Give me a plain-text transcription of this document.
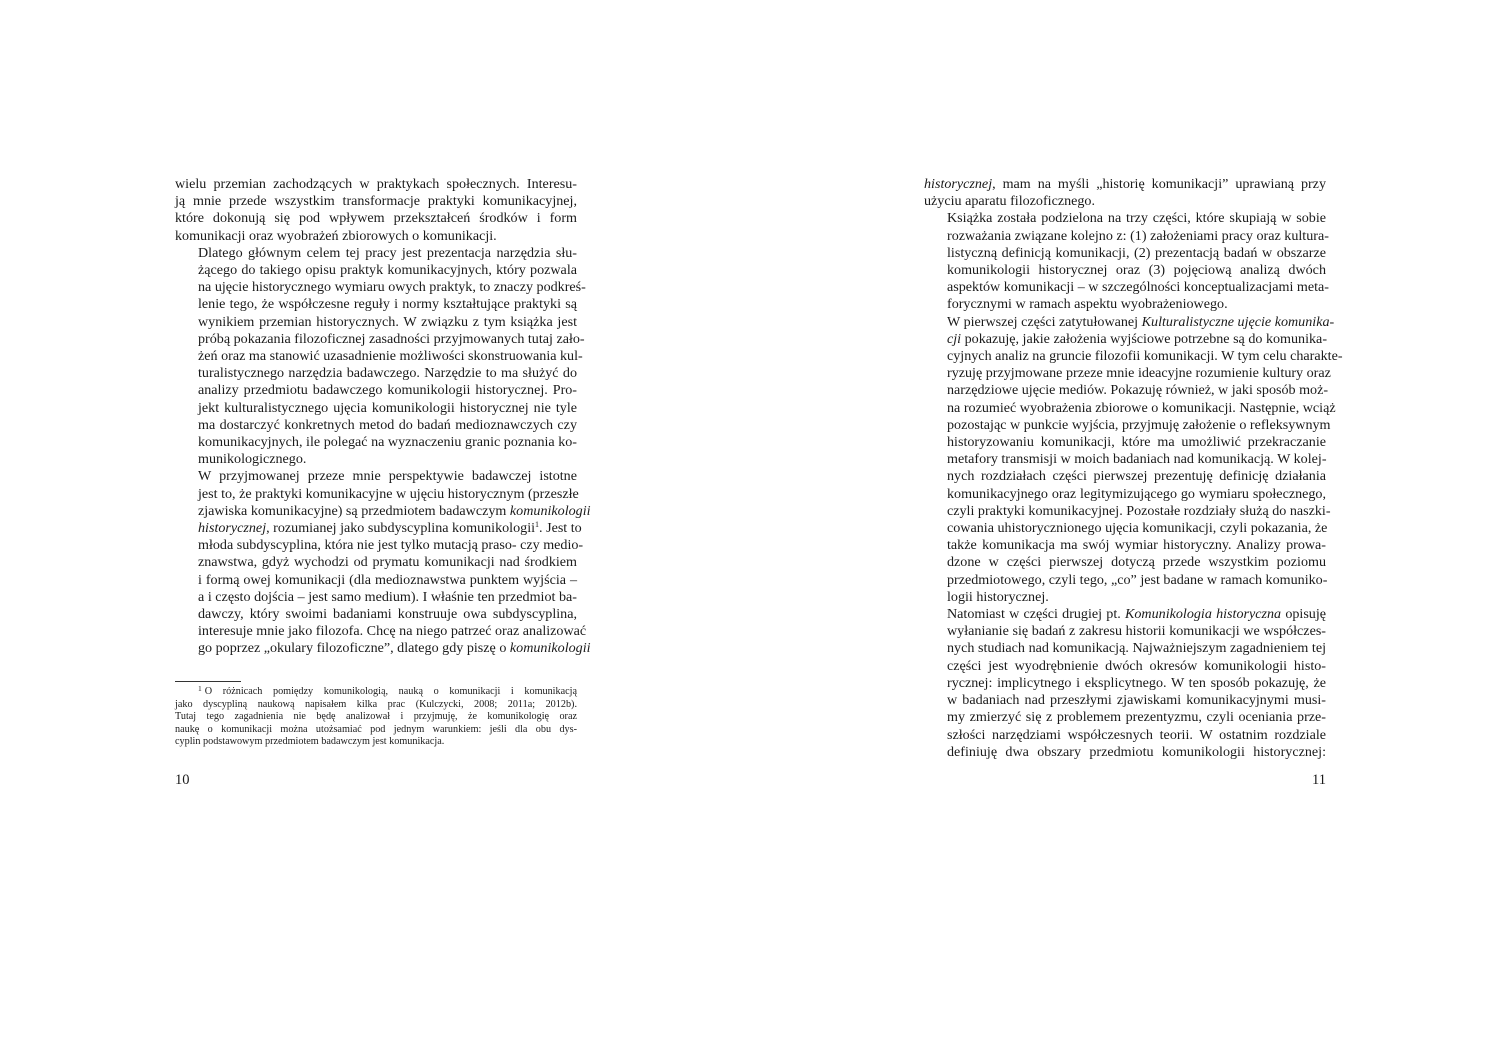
wielu przemian zachodzących w praktykach społecznych. Interesu-
ją mnie przede wszystkim transformacje praktyki komunikacyjnej,
które dokonują się pod wpływem przekształceń środków i form
komunikacji oraz wyobrażeń zbiorowych o komunikacji.

Dlatego głównym celem tej pracy jest prezentacja narzędzia słu-
żącego do takiego opisu praktyk komunikacyjnych, który pozwala
na ujęcie historycznego wymiaru owych praktyk, to znaczy podkreś-
lenie tego, że współczesne reguły i normy kształtujące praktyki są
wynikiem przemian historycznych. W związku z tym książka jest
próbą pokazania filozoficznej zasadności przyjmowanych tutaj zało-
żeń oraz ma stanowić uzasadnienie możliwości skonstruowania kul-
turalistycznego narzędzia badawczego. Narzędzie to ma służyć do
analizy przedmiotu badawczego komunikologii historycznej. Pro-
jekt kulturalistycznego ujęcia komunikologii historycznej nie tyle
ma dostarczyć konkretnych metod do badań medioznawczych czy
komunikacyjnych, ile polegać na wyznaczeniu granic poznania ko-
munikologicznego.

W przyjmowanej przeze mnie perspektywie badawczej istotne
jest to, że praktyki komunikacyjne w ujęciu historycznym (przeszłe
zjawiska komunikacyjne) są przedmiotem badawczym komunikologii
historycznej, rozumianej jako subdyscyplina komunikologii$^1$. Jest to
młoda subdyscyplina, która nie jest tylko mutacją praso- czy medio-
znawstwa, gdyż wychodzi od prymatu komunikacji nad środkiem
i formą owej komunikacji (dla medioznawstwa punktem wyjścia –
a i często dojścia – jest samo medium). I właśnie ten przedmiot ba-
dawczy, który swoimi badaniami konstruuje owa subdyscyplina,
interesuje mnie jako filozofa. Chcę na niego patrzeć oraz analizować
go poprzez „okulary filozoficzne”, dlatego gdy piszę o komunikologii

$^1$ O różnicach pomiędzy komunikologią, nauką o komunikacji i komunikacją
jako dyscypliną naukową napisałem kilka prac (Kulczycki, 2008; 2011a; 2012b).
Tutaj tego zagadnienia nie będę analizował i przyjmuję, że komunikologię oraz
naukę o komunikacji można utożsamiać pod jednym warunkiem: jeśli dla obu dys-
cyplin podstawowym przedmiotem badawczym jest komunikacja.
10

historycznej, mam na myśli „historię komunikacji” uprawianą przy
użyciu aparatu filozoficznego.

Książka została podzielona na trzy części, które skupiają w sobie
rozważania związane kolejno z: (1) założeniami pracy oraz kultura-
listyczną definicją komunikacji, (2) prezentacją badań w obszarze
komunikologii historycznej oraz (3) pojęciową analizą dwóch
aspektów komunikacji – w szczególności konceptualizacjami meta-
forycznymi w ramach aspektu wyobrażeniowego.

W pierwszej części zatytułowanej Kulturalistyczne ujęcie komunika-
cji pokazuję, jakie założenia wyjściowe potrzebne są do komunika-
cyjnych analiz na gruncie filozofii komunikacji. W tym celu charakte-
ryzuję przyjmowane przeze mnie ideacyjne rozumienie kultury oraz
narzędziowe ujęcie mediów. Pokazuję również, w jaki sposób moż-
na rozumieć wyobrażenia zbiorowe o komunikacji. Następnie, wciąż
pozostając w punkcie wyjścia, przyjmuję założenie o refleksywnym
historyzowaniu komunikacji, które ma umożliwić przekraczanie
metafory transmisji w moich badaniach nad komunikacją. W kolej-
nych rozdziałach części pierwszej prezentuję definicję działania
komunikacyjnego oraz legitymizującego go wymiaru społecznego,
czyli praktyki komunikacyjnej. Pozostałe rozdziały służą do naszki-
cowania uhistorycznionego ujęcia komunikacji, czyli pokazania, że
także komunikacja ma swój wymiar historyczny. Analizy prowa-
dzone w części pierwszej dotyczą przede wszystkim poziomu
przedmiotowego, czyli tego, „co” jest badane w ramach komuniko-
logii historycznej.

Natomiast w części drugiej pt. Komunikologia historyczna opisuję
wyłanianie się badań z zakresu historii komunikacji we współczes-
nych studiach nad komunikacją. Najważniejszym zagadnieniem tej
części jest wyodrębnienie dwóch okresów komunikologii histo-
rycznej: implicytnego i eksplicytnego. W ten sposób pokazuję, że
w badaniach nad przeszłymi zjawiskami komunikacyjnymi musi-
my zmierzyć się z problemem prezentyzmu, czyli oceniania prze-
szłości narzędziami współczesnych teorii. W ostatnim rozdziale
definiuję dwa obszary przedmiotu komunikologii historycznej:

11
